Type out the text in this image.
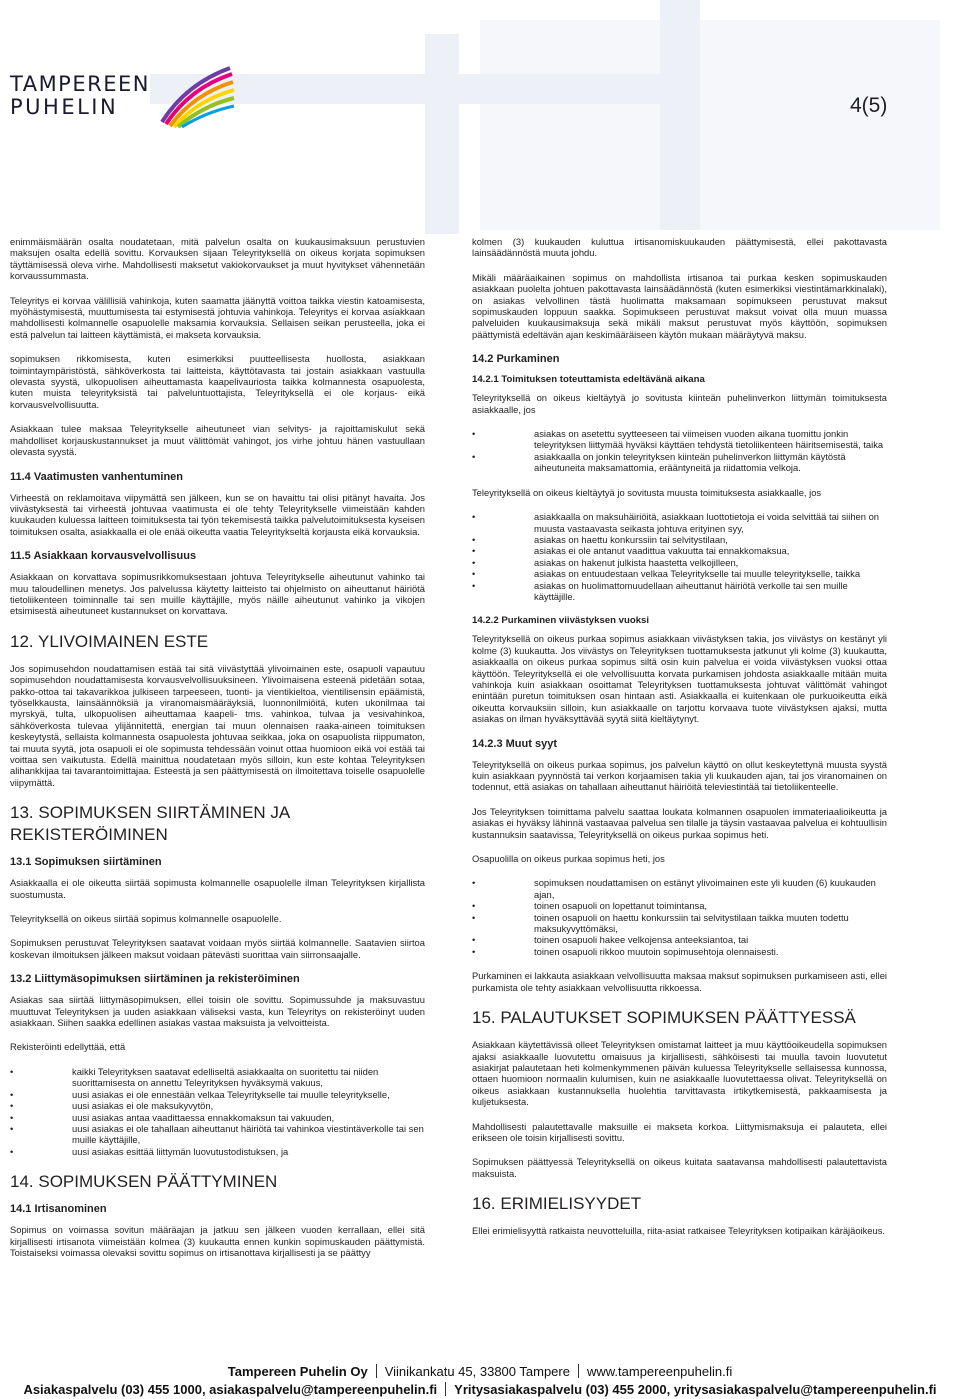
TAMPEREEN
PUHELIN	4(5)

enimmäismäärän osalta noudatetaan, mitä palvelun osalta on kuukausimaksuun perustuvien maksujen osalta edellä sovittu. Korvauksen sijaan Teleyrityksellä on oikeus korjata sopimuksen täyttämisessä oleva virhe. Mahdollisesti maksetut vakiokorvaukset ja muut hyvitykset vähennetään korvaussummasta.

Teleyritys ei korvaa välillisiä vahinkoja, kuten saamatta jäänyttä voittoa taikka viestin katoamisesta, myöhästymisestä, muuttumisesta tai estymisestä johtuvia vahinkoja. Teleyritys ei korvaa asiakkaan mahdollisesti kolmannelle osapuolelle maksamia korvauksia. Sellaisen seikan perusteella, joka ei estä palvelun tai laitteen käyttämistä, ei makseta korvauksia.

sopimuksen rikkomisesta, kuten esimerkiksi puutteellisesta huollosta, asiakkaan toimintaympäristöstä, sähköverkosta tai laitteista, käyttötavasta tai jostain asiakkaan vastuulla olevasta syystä, ulkopuolisen aiheuttamasta kaapelivauriosta taikka kolmannesta osapuolesta, kuten muista teleyrityksistä tai palveluntuottajista, Teleyrityksellä ei ole korjaus- eikä korvausvelvollisuutta.

Asiakkaan tulee maksaa Teleyritykselle aiheutuneet vian selvitys- ja rajoittamiskulut sekä mahdolliset korjauskustannukset ja muut välittömät vahingot, jos virhe johtuu hänen vastuullaan olevasta syystä.

11.4 Vaatimusten vanhentuminen

Virheestä on reklamoitava viipymättä sen jälkeen, kun se on havaittu tai olisi pitänyt havaita. Jos viivästyksestä tai virheestä johtuvaa vaatimusta ei ole tehty Teleyritykselle viimeistään kahden kuukauden kuluessa laitteen toimituksesta tai työn tekemisestä taikka palvelutoimituksesta kyseisen toimituksen osalta, asiakkaalla ei ole enää oikeutta vaatia Teleyritykseltä korjausta eikä korvauksia.

11.5 Asiakkaan korvausvelvollisuus

Asiakkaan on korvattava sopimusrikkomuksestaan johtuva Teleyritykselle aiheutunut vahinko tai muu taloudellinen menetys. Jos palvelussa käytetty laitteisto tai ohjelmisto on aiheuttanut häiriötä tietoliikenteen toiminnalle tai sen muille käyttäjille, myös näille aiheutunut vahinko ja vikojen etsimisestä aiheutuneet kustannukset on korvattava.

12. YLIVOIMAINEN ESTE

Jos sopimusehdon noudattamisen estää tai sitä viivästyttää ylivoimainen este, osapuoli vapautuu sopimusehdon noudattamisesta korvausvelvollisuuksineen. Ylivoimaisena esteenä pidetään sotaa, pakko-ottoa tai takavarikkoa julkiseen tarpeeseen, tuonti- ja vientikieltoa, vientilisensin epäämistä, työselkkausta, lainsäännöksiä ja viranomaismääräyksiä, luonnonilmiöitä, kuten ukonilmaa tai myrskyä, tulta, ulkopuolisen aiheuttamaa kaapeli- tms. vahinkoa, tulvaa ja vesivahinkoa, sähköverkosta tulevaa ylijännitettä, energian tai muun olennaisen raaka-aineen toimituksen keskeytystä, sellaista kolmannesta osapuolesta johtuvaa seikkaa, joka on osapuolista riippumaton, tai muuta syytä, jota osapuoli ei ole sopimusta tehdessään voinut ottaa huomioon eikä voi estää tai voittaa sen vaikutusta. Edellä mainittua noudatetaan myös silloin, kun este kohtaa Teleyrityksen alihankkijaa tai tavarantoimittajaa. Esteestä ja sen päättymisestä on ilmoitettava toiselle osapuolelle viipymättä.

13. SOPIMUKSEN SIIRTÄMINEN JA REKISTERÖIMINEN
13.1 Sopimuksen siirtäminen

Asiakkaalla ei ole oikeutta siirtää sopimusta kolmannelle osapuolelle ilman Teleyrityksen kirjallista suostumusta.

Teleyrityksellä on oikeus siirtää sopimus kolmannelle osapuolelle.

Sopimuksen perustuvat Teleyrityksen saatavat voidaan myös siirtää kolmannelle. Saatavien siirtoa koskevan ilmoituksen jälkeen maksut voidaan pätevästi suorittaa vain siirronsaajalle.

13.2 Liittymäsopimuksen siirtäminen ja rekisteröiminen

Asiakas saa siirtää liittymäsopimuksen, ellei toisin ole sovittu. Sopimussuhde ja maksuvastuu muuttuvat Teleyrityksen ja uuden asiakkaan väliseksi vasta, kun Teleyritys on rekisteröinyt uuden asiakkaan. Siihen saakka edellinen asiakas vastaa maksuista ja velvoitteista.

Rekisteröinti edellyttää, että

• kaikki Teleyrityksen saatavat edelliseltä asiakkaalta on suoritettu tai niiden suorittamisesta on annettu Teleyrityksen hyväksymä vakuus,
• uusi asiakas ei ole ennestään velkaa Teleyritykselle tai muulle teleyritykselle,
• uusi asiakas ei ole maksukyvytön,
• uusi asiakas antaa vaadittaessa ennakkomaksun tai vakuuden,
• uusi asiakas ei ole tahallaan aiheuttanut häiriötä tai vahinkoa viestintäverkolle tai sen muille käyttäjille,
• uusi asiakas esittää liittymän luovutustodistuksen, ja
14. SOPIMUKSEN PÄÄTTYMINEN
14.1 Irtisanominen

Sopimus on voimassa sovitun määräajan ja jatkuu sen jälkeen vuoden kerrallaan, ellei sitä kirjallisesti irtisanota viimeistään kolmea (3) kuukautta ennen kunkin sopimuskauden päättymistä. Toistaiseksi voimassa olevaksi sovittu sopimus on irtisanottava kirjallisesti ja se päättyy

kolmen (3) kuukauden kuluttua irtisanomiskuukauden päättymisestä, ellei pakottavasta lainsäädännöstä muuta johdu.

Mikäli määräaikainen sopimus on mahdollista irtisanoa tai purkaa kesken sopimuskauden asiakkaan puolelta johtuen pakottavasta lainsäädännöstä (kuten esimerkiksi viestintämarkkinalaki), on asiakas velvollinen tästä huolimatta maksamaan sopimukseen perustuvat maksut sopimuskauden loppuun saakka. Sopimukseen perustuvat maksut voivat olla muun muassa palveluiden kuukausimaksuja sekä mikäli maksut perustuvat myös käyttöön, sopimuksen päättymistä edeltävän ajan keskimääräiseen käytön mukaan määräytyvä maksu.

14.2 Purkaminen
14.2.1 Toimituksen toteuttamista edeltävänä aikana

Teleyrityksellä on oikeus kieltäytyä jo sovitusta kiinteän puhelinverkon liittymän toimituksesta asiakkaalle, jos

• asiakas on asetettu syytteeseen tai viimeisen vuoden aikana tuomittu jonkin teleyrityksen liittymää hyväksi käyttäen tehdystä tietoliikenteen häiritsemisestä, taika
• asiakkaalla on jonkin teleyrityksen kiinteän puhelinverkon liittymän käytöstä aiheutuneita maksamattomia, erääntyneitä ja riidattomia velkoja.

Teleyrityksellä on oikeus kieltäytyä jo sovitusta muusta toimituksesta asiakkaalle, jos

• asiakkaalla on maksuhäiriöitä, asiakkaan luottotietoja ei voida selvittää tai siihen on muusta vastaavasta seikasta johtuva erityinen syy,
• asiakas on haettu konkurssiin tai selvitystilaan,
• asiakas ei ole antanut vaadittua vakuutta tai ennakkomaksua,
• asiakas on hakenut julkista haastetta velkojilleen,
• asiakas on entuudestaan velkaa Teleyritykselle tai muulle teleyritykselle, taikka
• asiakas on huolimattomuudellaan aiheuttanut häiriötä verkolle tai sen muille käyttäjille.
14.2.2 Purkaminen viivästyksen vuoksi

Teleyrityksellä on oikeus purkaa sopimus asiakkaan viivästyksen takia, jos viivästys on kestänyt yli kolme (3) kuukautta. Jos viivästys on Teleyrityksen tuottamuksesta jatkunut yli kolme (3) kuukautta, asiakkaalla on oikeus purkaa sopimus siltä osin kuin palvelua ei voida viivästyksen vuoksi ottaa käyttöön. Teleyrityksellä ei ole velvollisuutta korvata purkamisen johdosta asiakkaalle mitään muita vahinkoja kuin asiakkaan osoittamat Teleyrityksen tuottamuksesta johtuvat välittömät vahingot enintään puretun toimituksen osan hintaan asti. Asiakkaalla ei kuitenkaan ole purkuoikeutta eikä oikeutta korvauksiin silloin, kun asiakkaalle on tarjottu korvaava tuote viivästyksen ajaksi, mutta asiakas on ilman hyväksyttävää syytä siitä kieltäytynyt.

14.2.3 Muut syyt

Teleyrityksellä on oikeus purkaa sopimus, jos palvelun käyttö on ollut keskeytettynä muusta syystä kuin asiakkaan pyynnöstä tai verkon korjaamisen takia yli kuukauden ajan, tai jos viranomainen on todennut, että asiakas on tahallaan aiheuttanut häiriöitä televiestintää tai tietoliikenteelle.

Jos Teleyrityksen toimittama palvelu saattaa loukata kolmannen osapuolen immateriaalioikeutta ja asiakas ei hyväksy lähinnä vastaavaa palvelua sen tilalle ja täysin vastaavaa palvelua ei kohtuullisin kustannuksin saatavissa, Teleyrityksellä on oikeus purkaa sopimus heti.

Osapuolilla on oikeus purkaa sopimus heti, jos

• sopimuksen noudattamisen on estänyt ylivoimainen este yli kuuden (6) kuukauden ajan,
• toinen osapuoli on lopettanut toimintansa,
• toinen osapuoli on haettu konkurssiin tai selvitystilaan taikka muuten todettu maksukyvyttömäksi,
• toinen osapuoli hakee velkojensa anteeksiantoa, tai
• toinen osapuoli rikkoo muutoin sopimusehtoja olennaisesti.

Purkaminen ei lakkauta asiakkaan velvollisuutta maksaa maksut sopimuksen purkamiseen asti, ellei purkamista ole tehty asiakkaan velvollisuutta rikkoessa.

15. PALAUTUKSET SOPIMUKSEN PÄÄTTYESSÄ

Asiakkaan käytettävissä olleet Teleyrityksen omistamat laitteet ja muu käyttöoikeudella sopimuksen ajaksi asiakkaalle luovutettu omaisuus ja kirjallisesti, sähköisesti tai muulla tavoin luovutetut asiakirjat palautetaan heti kolmenkymmenen päivän kuluessa Teleyritykselle sellaisessa kunnossa, ottaen huomioon normaalin kulumisen, kuin ne asiakkaalle luovutettaessa olivat. Teleyrityksellä on oikeus asiakkaan kustannuksella huolehtia tarvittavasta irtikytkemisestä, pakkaamisesta ja kuljetuksesta.

Mahdollisesti palautettavalle maksuille ei makseta korkoa. Liittymismaksuja ei palauteta, ellei erikseen ole toisin kirjallisesti sovittu.

Sopimuksen päättyessä Teleyrityksellä on oikeus kuitata saatavansa mahdollisesti palautettavista maksuista.

16. ERIMIELISYYDET

Ellei erimielisyyttä ratkaista neuvotteluilla, riita-asiat ratkaisee Teleyrityksen kotipaikan käräjäoikeus.

Tampereen Puhelin Oy Viinikankatu 45, 33800 Tampere www.tampereenpuhelin.fi
Asiakaspalvelu (03) 455 1000, asiakaspalvelu@tampereenpuhelin.fi Yritysasiakaspalvelu (03) 455 2000, yritysasiakaspalvelu@tampereenpuhelin.fi
